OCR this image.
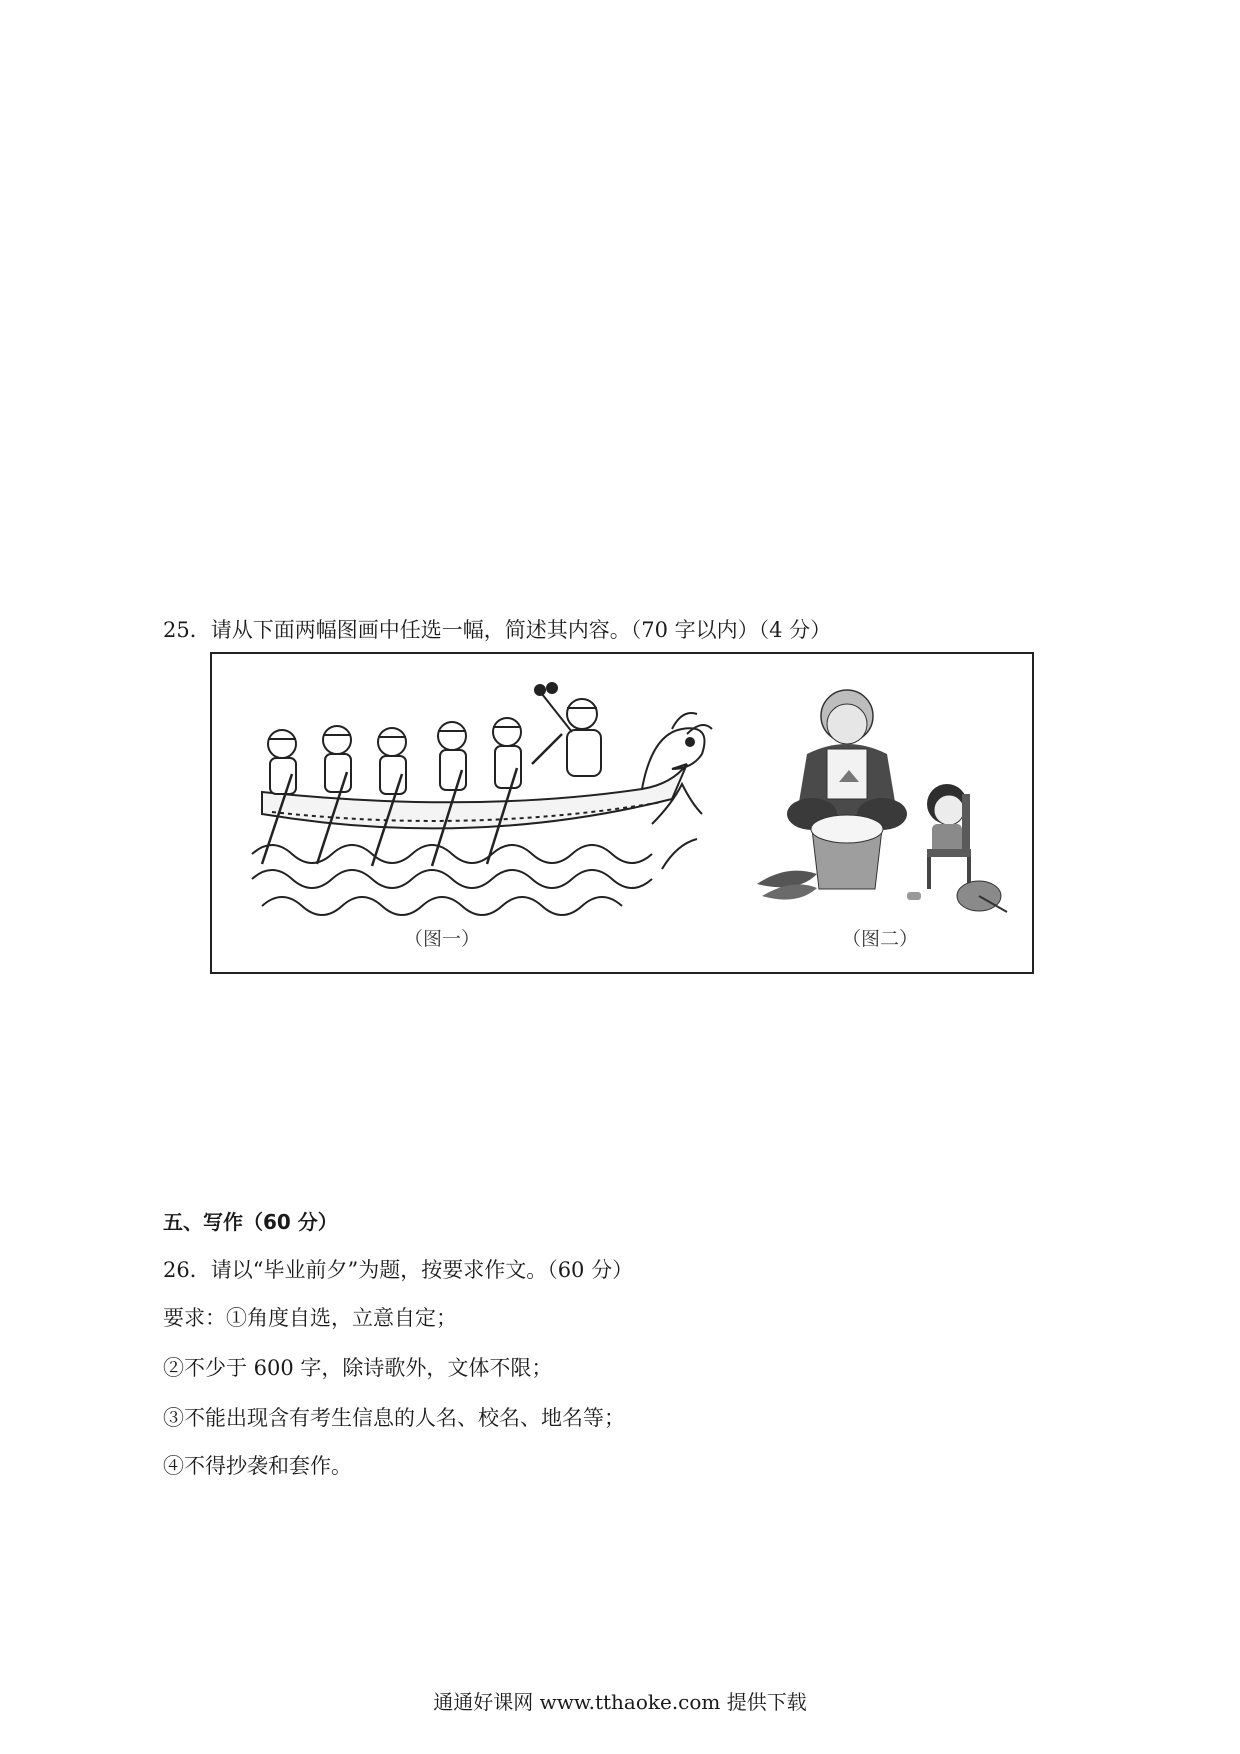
25．请从下面两幅图画中任选一幅，简述其内容。（70 字以内）（4 分）
（图一）	（图二）
五、写作（60 分）
26．请以“毕业前夕”为题，按要求作文。（60 分）
要求：①角度自选，立意自定；
②不少于 600 字，除诗歌外，文体不限；
③不能出现含有考生信息的人名、校名、地名等；
④不得抄袭和套作。
通通好课网 www.tthaoke.com 提供下载
